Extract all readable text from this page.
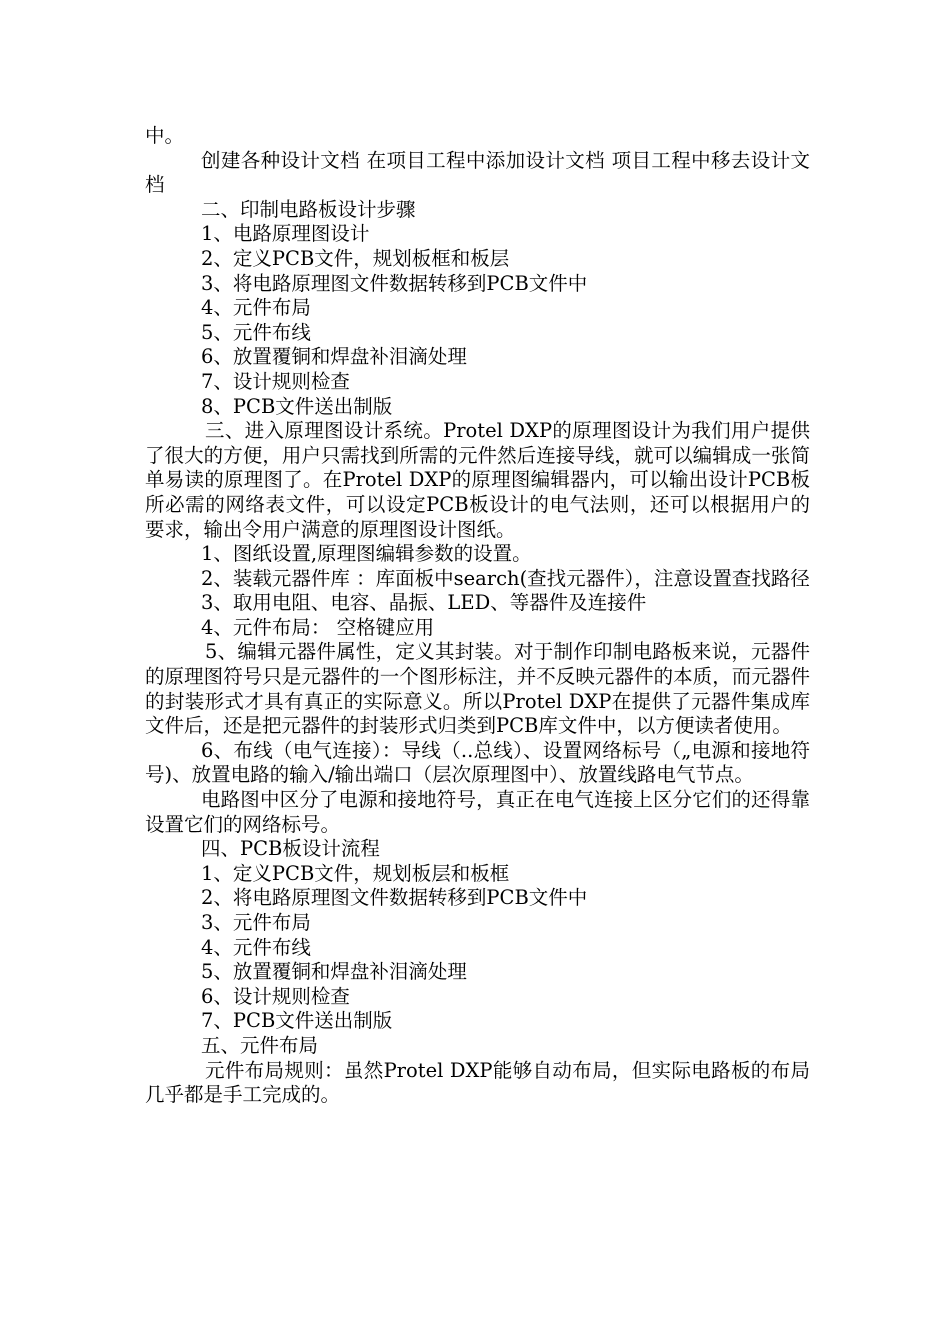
中。

创建各种设计文档 在项目工程中添加设计文档 项目工程中移去设计文档

二、印制电路板设计步骤

1、电路原理图设计

2、定义PCB文件，规划板框和板层

3、将电路原理图文件数据转移到PCB文件中

4、元件布局

5、元件布线

6、放置覆铜和焊盘补泪滴处理

7、设计规则检查

8、PCB文件送出制版

三、进入原理图设计系统。Protel DXP的原理图设计为我们用户提供了很大的方便，用户只需找到所需的元件然后连接导线，就可以编辑成一张简单易读的原理图了。在Protel DXP的原理图编辑器内，可以输出设计PCB板所必需的网络表文件，可以设定PCB板设计的电气法则，还可以根据用户的要求，输出令用户满意的原理图设计图纸。

1、图纸设置,原理图编辑参数的设置。

2、装载元器件库 ：库面板中search(查找元器件），注意设置查找路径

3、取用电阻、电容、晶振、LED、等器件及连接件

4、元件布局： 空格键应用

5、编辑元器件属性，定义其封装。对于制作印制电路板来说，元器件的原理图符号只是元器件的一个图形标注，并不反映元器件的本质，而元器件的封装形式才具有真正的实际意义。所以Protel DXP在提供了元器件集成库文件后，还是把元器件的封装形式归类到PCB库文件中，以方便读者使用。

6、布线（电气连接）：导线（..总线）、设置网络标号（„电源和接地符号)、放置电路的输入/输出端口（层次原理图中）、放置线路电气节点。

电路图中区分了电源和接地符号，真正在电气连接上区分它们的还得靠设置它们的网络标号。

四、PCB板设计流程

1、定义PCB文件，规划板层和板框

2、将电路原理图文件数据转移到PCB文件中

3、元件布局

4、元件布线

5、放置覆铜和焊盘补泪滴处理

6、设计规则检查

7、PCB文件送出制版

五、元件布局

元件布局规则：虽然Protel DXP能够自动布局，但实际电路板的布局几乎都是手工完成的。
